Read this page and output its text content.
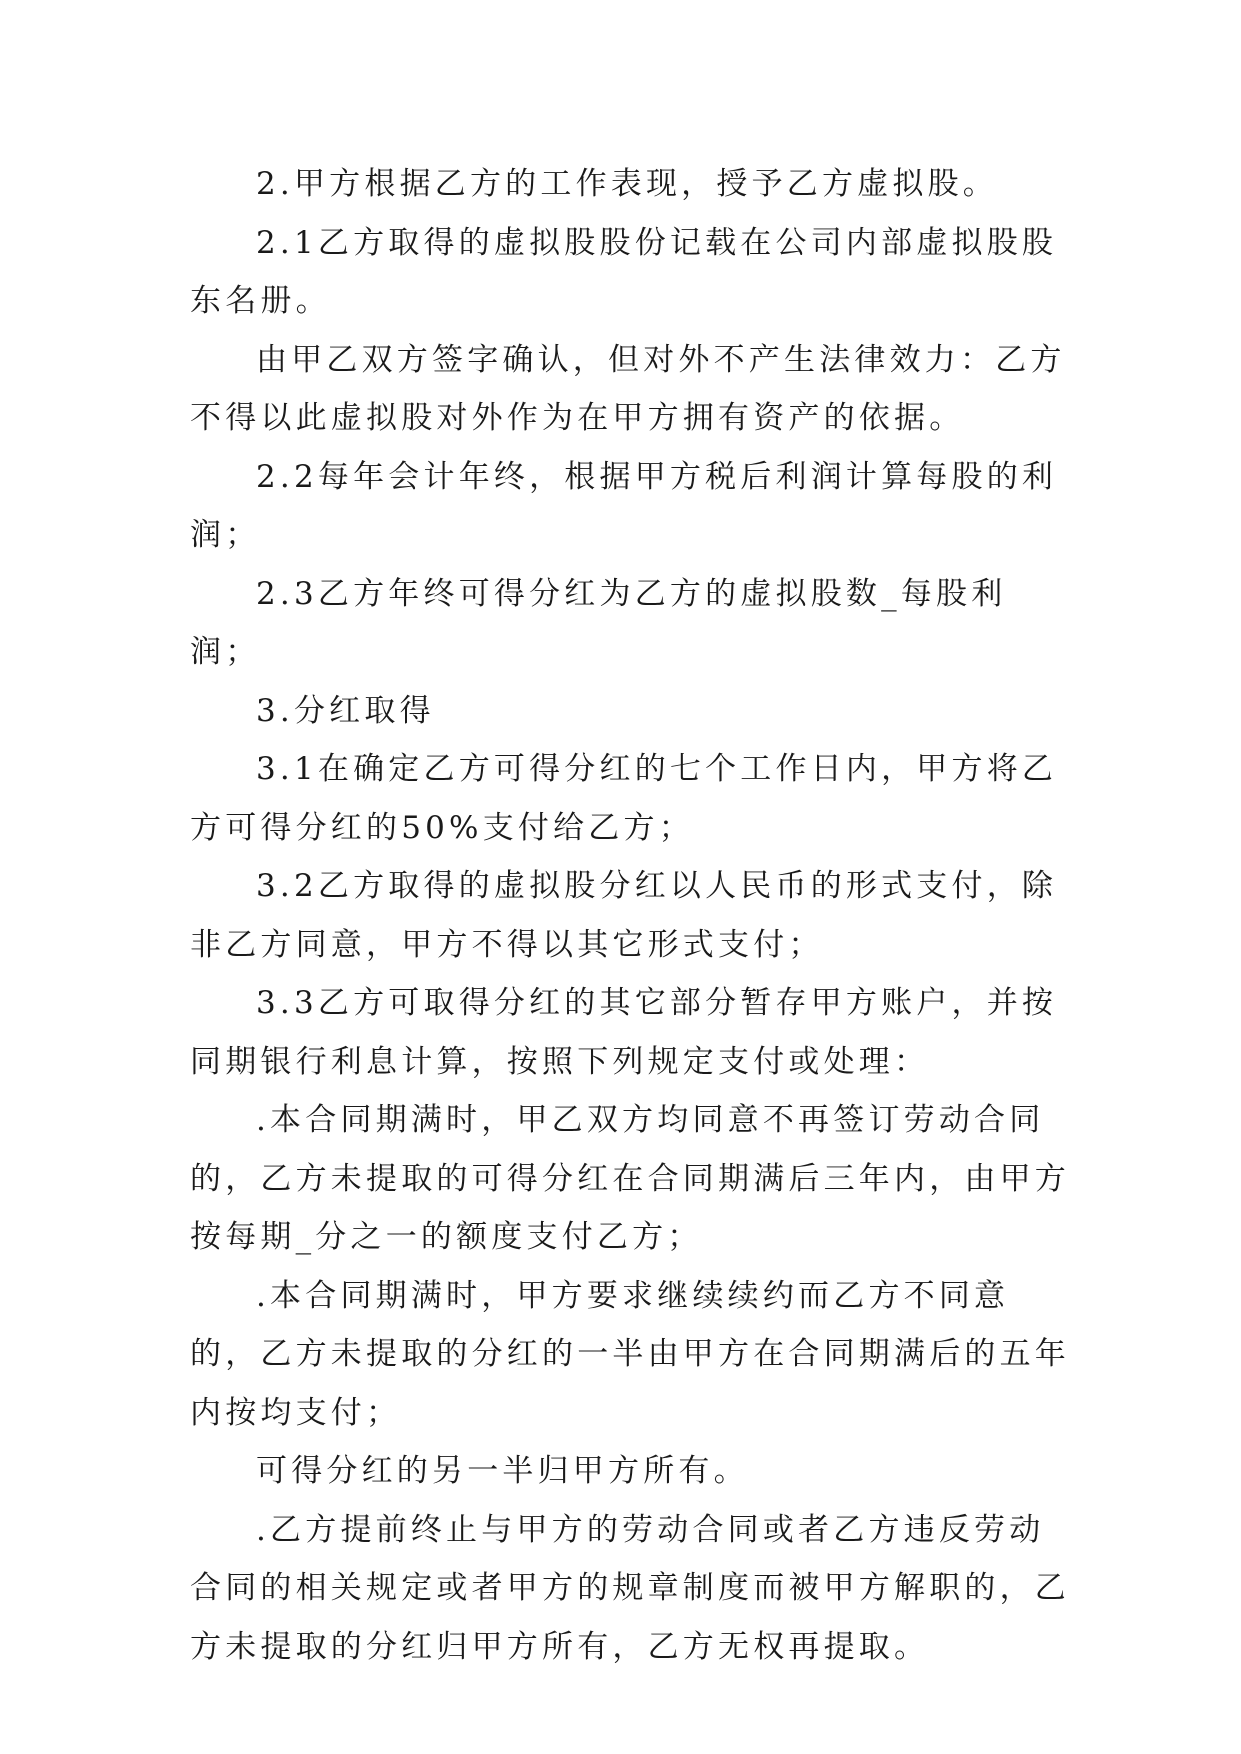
2.甲方根据乙方的工作表现，授予乙方虚拟股。

2.1乙方取得的虚拟股股份记载在公司内部虚拟股股东名册。

由甲乙双方签字确认，但对外不产生法律效力：乙方不得以此虚拟股对外作为在甲方拥有资产的依据。

2.2每年会计年终，根据甲方税后利润计算每股的利润；

2.3乙方年终可得分红为乙方的虚拟股数_每股利润；

3.分红取得

3.1在确定乙方可得分红的七个工作日内，甲方将乙方可得分红的50%支付给乙方；

3.2乙方取得的虚拟股分红以人民币的形式支付，除非乙方同意，甲方不得以其它形式支付；

3.3乙方可取得分红的其它部分暂存甲方账户，并按同期银行利息计算，按照下列规定支付或处理：

.本合同期满时，甲乙双方均同意不再签订劳动合同的，乙方未提取的可得分红在合同期满后三年内，由甲方按每期_分之一的额度支付乙方；

.本合同期满时，甲方要求继续续约而乙方不同意的，乙方未提取的分红的一半由甲方在合同期满后的五年内按均支付；

可得分红的另一半归甲方所有。

.乙方提前终止与甲方的劳动合同或者乙方违反劳动合同的相关规定或者甲方的规章制度而被甲方解职的，乙方未提取的分红归甲方所有，乙方无权再提取。
